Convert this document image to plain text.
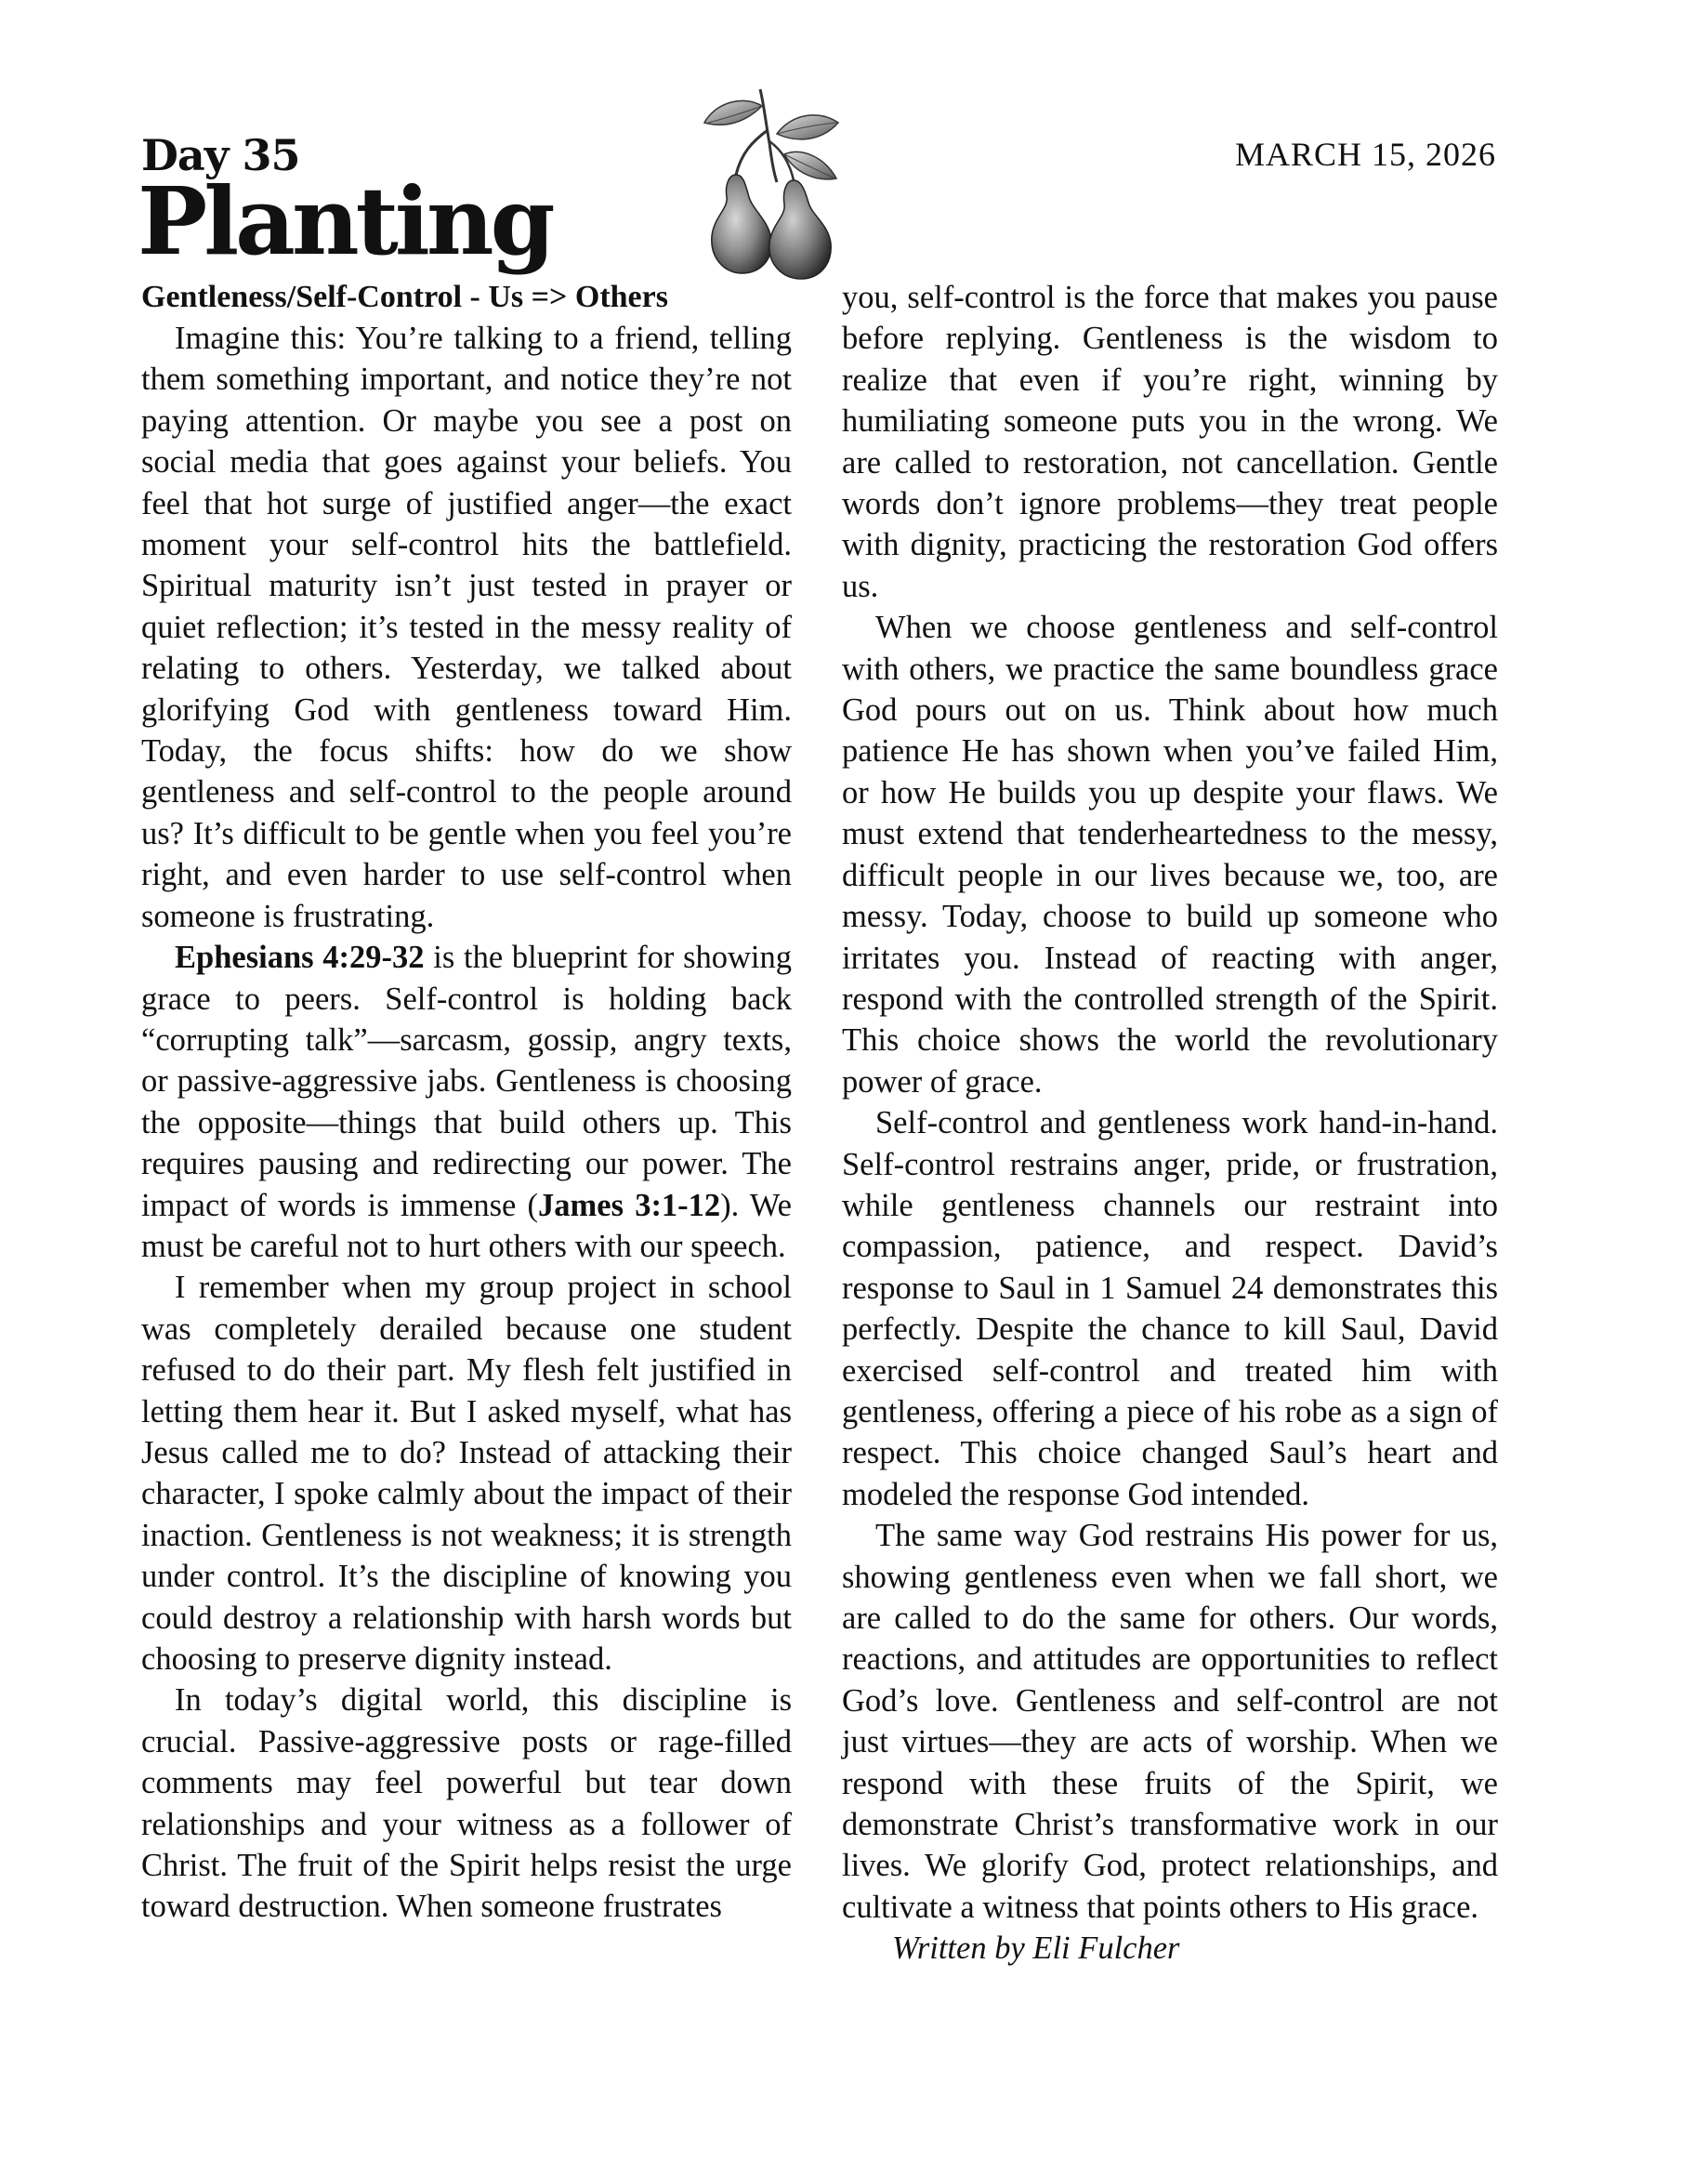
Day 35
Planting
MARCH 15, 2026

Gentleness/Self-Control - Us => Others

Imagine this: You’re talking to a friend, telling them something important, and notice they’re not paying attention. Or maybe you see a post on social media that goes against your beliefs. You feel that hot surge of justified anger—the exact moment your self-control hits the battlefield. Spiritual maturity isn’t just tested in prayer or quiet reflection; it’s tested in the messy reality of relating to others. Yesterday, we talked about glorifying God with gentleness toward Him. Today, the focus shifts: how do we show gentleness and self-control to the people around us? It’s difficult to be gentle when you feel you’re right, and even harder to use self-control when someone is frustrating.

Ephesians 4:29-32 is the blueprint for showing grace to peers. Self-control is holding back “corrupting talk”—sarcasm, gossip, angry texts, or passive-aggressive jabs. Gentleness is choosing the opposite—things that build others up. This requires pausing and redirecting our power. The impact of words is immense (James 3:1-12). We must be careful not to hurt others with our speech.

I remember when my group project in school was completely derailed because one student refused to do their part. My flesh felt justified in letting them hear it. But I asked myself, what has Jesus called me to do? Instead of attacking their character, I spoke calmly about the impact of their inaction. Gentleness is not weakness; it is strength under control. It’s the discipline of knowing you could destroy a relationship with harsh words but choosing to preserve dignity instead.

In today’s digital world, this discipline is crucial. Passive-aggressive posts or rage-filled comments may feel powerful but tear down relationships and your witness as a follower of Christ. The fruit of the Spirit helps resist the urge toward destruction. When someone frustrates

you, self-control is the force that makes you pause before replying. Gentleness is the wisdom to realize that even if you’re right, winning by humiliating someone puts you in the wrong. We are called to restoration, not cancellation. Gentle words don’t ignore problems—they treat people with dignity, practicing the restoration God offers us.

When we choose gentleness and self-control with others, we practice the same boundless grace God pours out on us. Think about how much patience He has shown when you’ve failed Him, or how He builds you up despite your flaws. We must extend that tenderheartedness to the messy, difficult people in our lives because we, too, are messy. Today, choose to build up someone who irritates you. Instead of reacting with anger, respond with the controlled strength of the Spirit. This choice shows the world the revolutionary power of grace.

Self-control and gentleness work hand-in-hand. Self-control restrains anger, pride, or frustration, while gentleness channels our restraint into compassion, patience, and respect. David’s response to Saul in 1 Samuel 24 demonstrates this perfectly. Despite the chance to kill Saul, David exercised self-control and treated him with gentleness, offering a piece of his robe as a sign of respect. This choice changed Saul’s heart and modeled the response God intended.

The same way God restrains His power for us, showing gentleness even when we fall short, we are called to do the same for others. Our words, reactions, and attitudes are opportunities to reflect God’s love. Gentleness and self-control are not just virtues—they are acts of worship. When we respond with these fruits of the Spirit, we demonstrate Christ’s transformative work in our lives. We glorify God, protect relationships, and cultivate a witness that points others to His grace.

Written by Eli Fulcher
